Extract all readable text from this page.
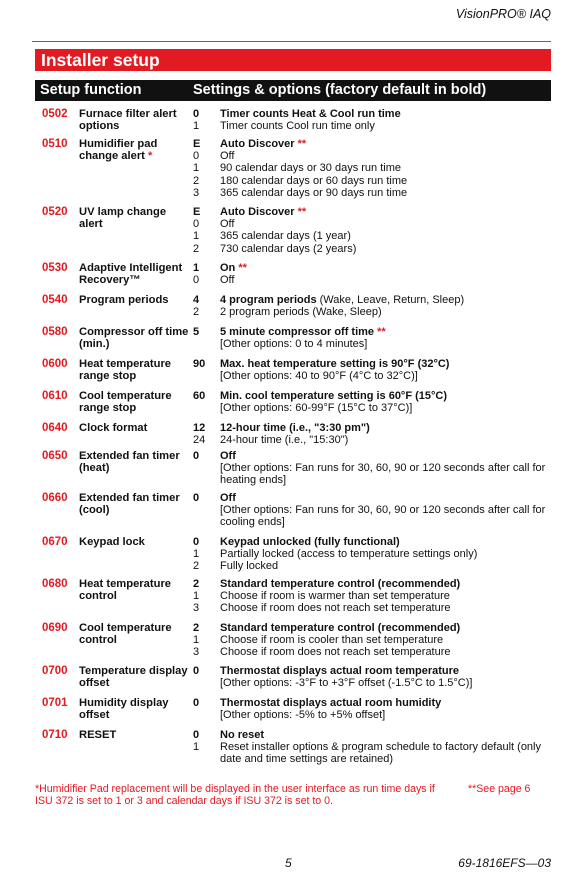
VisionPRO® IAQ
Installer setup
Setup function	Settings & options (factory default in bold)
0502 Furnace filter alert options
0	Timer counts Heat & Cool run time
1	Timer counts Cool run time only
0510 Humidifier pad change alert *
E	Auto Discover **
0	Off
1	90 calendar days or 30 days run time
2	180 calendar days or 60 days run time
3	365 calendar days or 90 days run time
0520 UV lamp change alert
E	Auto Discover **
0	Off
1	365 calendar days (1 year)
2	730 calendar days (2 years)
0530 Adaptive Intelligent Recovery™
1	On **
0	Off
0540 Program periods	4	4 program periods (Wake, Leave, Return, Sleep)
2	2 program periods (Wake, Sleep)
0580 Compressor off time (min.)
5	5 minute compressor off time **
[Other options: 0 to 4 minutes]
0600 Heat temperature range stop
90	Max. heat temperature setting is 90°F (32°C)
[Other options: 40 to 90°F (4°C to 32°C)]
0610 Cool temperature range stop
60	Min. cool temperature setting is 60°F (15°C)
[Other options: 60-99°F (15°C to 37°C)]
0640 Clock format	12	12-hour time (i.e., "3:30 pm")
24	24-hour time (i.e., "15:30")
0650 Extended fan timer (heat)
0	Off
[Other options: Fan runs for 30, 60, 90 or 120 seconds after call for heating ends]
0660 Extended fan timer (cool)
0	Off
[Other options: Fan runs for 30, 60, 90 or 120 seconds after call for cooling ends]
0670 Keypad lock	0	Keypad unlocked (fully functional)
1	Partially locked (access to temperature settings only)
2	Fully locked
0680 Heat temperature control
2	Standard temperature control (recommended)
1	Choose if room is warmer than set temperature
3	Choose if room does not reach set temperature
0690 Cool temperature control
2	Standard temperature control (recommended)
1	Choose if room is cooler than set temperature
3	Choose if room does not reach set temperature
0700 Temperature display offset
0	Thermostat displays actual room temperature
[Other options: -3°F to +3°F offset (-1.5°C to 1.5°C)]
0701 Humidity display offset
0	Thermostat displays actual room humidity
[Other options: -5% to +5% offset]
0710 RESET	0	No reset
1	Reset installer options & program schedule to factory default (only date and time settings are retained)
*Humidifier Pad replacement will be displayed in the user interface as run time days if ISU 372 is set to 1 or 3 and calendar days if ISU 372 is set to 0.
**See page 6
5	69-1816EFS—03
